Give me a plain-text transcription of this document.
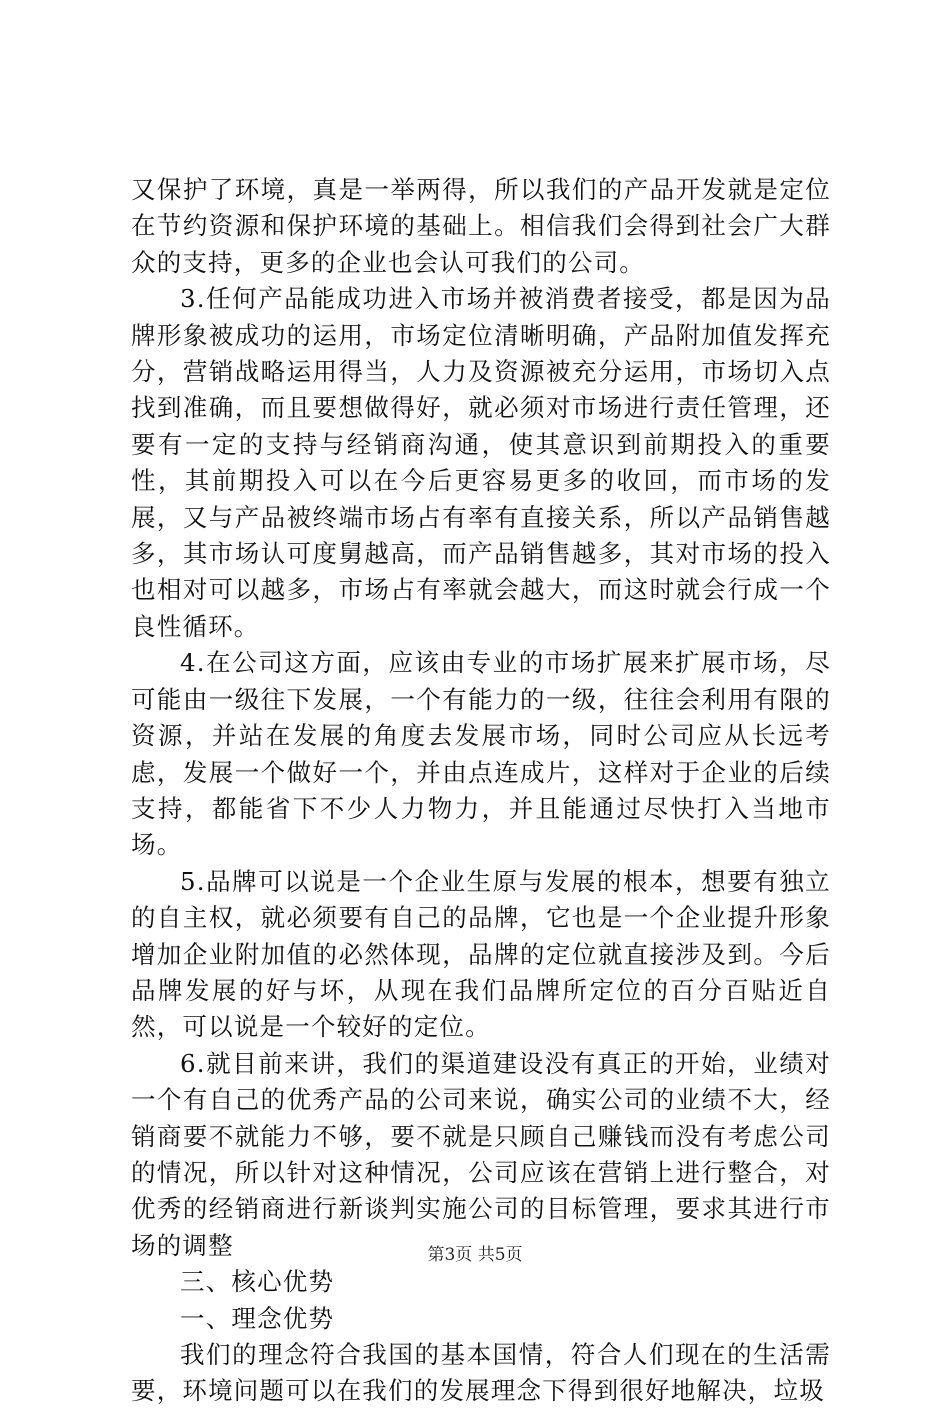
又保护了环境，真是一举两得，所以我们的产品开发就是定位在节约资源和保护环境的基础上。相信我们会得到社会广大群众的支持，更多的企业也会认可我们的公司。

3.任何产品能成功进入市场并被消费者接受，都是因为品牌形象被成功的运用，市场定位清晰明确，产品附加值发挥充分，营销战略运用得当，人力及资源被充分运用，市场切入点找到准确，而且要想做得好，就必须对市场进行责任管理，还要有一定的支持与经销商沟通，使其意识到前期投入的重要性，其前期投入可以在今后更容易更多的收回，而市场的发展，又与产品被终端市场占有率有直接关系，所以产品销售越多，其市场认可度舅越高，而产品销售越多，其对市场的投入也相对可以越多，市场占有率就会越大，而这时就会行成一个良性循环。

4.在公司这方面，应该由专业的市场扩展来扩展市场，尽可能由一级往下发展，一个有能力的一级，往往会利用有限的资源，并站在发展的角度去发展市场，同时公司应从长远考虑，发展一个做好一个，并由点连成片，这样对于企业的后续支持，都能省下不少人力物力，并且能通过尽快打入当地市场。

5.品牌可以说是一个企业生原与发展的根本，想要有独立的自主权，就必须要有自己的品牌，它也是一个企业提升形象增加企业附加值的必然体现，品牌的定位就直接涉及到。今后品牌发展的好与坏，从现在我们品牌所定位的百分百贴近自然，可以说是一个较好的定位。

6.就目前来讲，我们的渠道建设没有真正的开始，业绩对一个有自己的优秀产品的公司来说，确实公司的业绩不大，经销商要不就能力不够，要不就是只顾自己赚钱而没有考虑公司的情况，所以针对这种情况，公司应该在营销上进行整合，对优秀的经销商进行新谈判实施公司的目标管理，要求其进行市场的调整

三、核心优势

一、理念优势

我们的理念符合我国的基本国情，符合人们现在的生活需要，环境问题可以在我们的发展理念下得到很好地解决，垃圾

第3页 共5页
